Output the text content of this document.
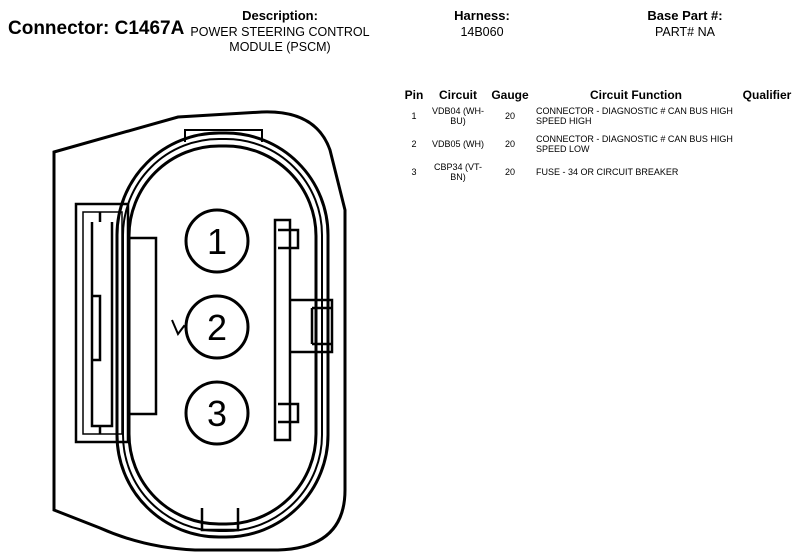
Connector: C1467A
Description:
POWER STEERING CONTROL MODULE (PSCM)
Harness:
14B060
Base Part #:
PART# NA
Pin	Circuit	Gauge	Circuit Function	Qualifier
1	VDB04 (WH-BU)	20	CONNECTOR - DIAGNOSTIC # CAN BUS HIGH SPEED HIGH	
2	VDB05 (WH)	20	CONNECTOR - DIAGNOSTIC # CAN BUS HIGH SPEED LOW	
3	CBP34 (VT-BN)	20	FUSE - 34 OR CIRCUIT BREAKER	
1
2
3
